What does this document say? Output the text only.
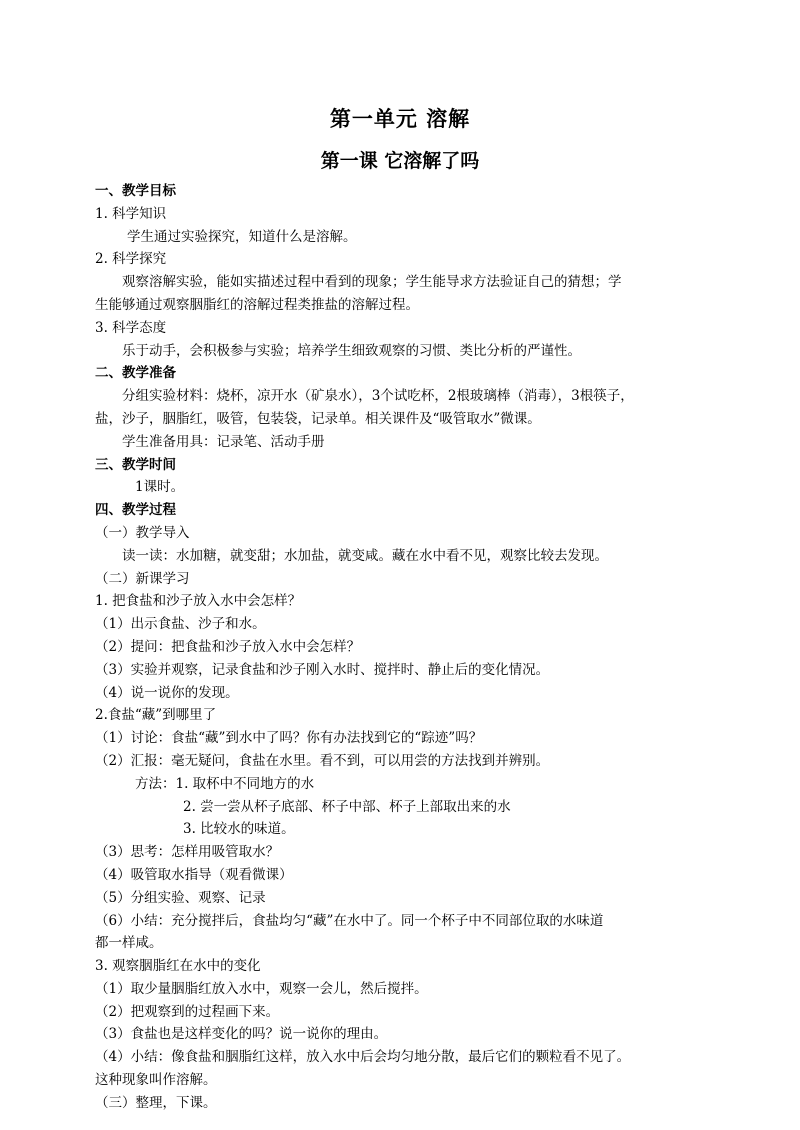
第一单元 溶解
第一课 它溶解了吗
一、教学目标
1. 科学知识
学生通过实验探究，知道什么是溶解。
2. 科学探究
观察溶解实验，能如实描述过程中看到的现象；学生能导求方法验证自己的猜想；学
生能够通过观察胭脂红的溶解过程类推盐的溶解过程。
3. 科学态度
乐于动手，会积极参与实验；培养学生细致观察的习惯、类比分析的严谨性。
二、教学准备
分组实验材料：烧杯，凉开水（矿泉水），3个试吃杯，2根玻璃棒（消毒），3根筷子，
盐，沙子，胭脂红，吸管，包装袋，记录单。相关课件及“吸管取水”微课。
学生准备用具：记录笔、活动手册
三、教学时间
1课时。
四、教学过程
（一）教学导入
读一读：水加糖，就变甜；水加盐，就变咸。藏在水中看不见，观察比较去发现。
（二）新课学习
1. 把食盐和沙子放入水中会怎样？
（1）出示食盐、沙子和水。
（2）提问：把食盐和沙子放入水中会怎样？
（3）实验并观察，记录食盐和沙子刚入水时、搅拌时、静止后的变化情况。
（4）说一说你的发现。
2.食盐“藏”到哪里了
（1）讨论：食盐“藏”到水中了吗？你有办法找到它的“踪迹”吗？
（2）汇报：毫无疑问，食盐在水里。看不到，可以用尝的方法找到并辨别。
方法：1. 取杯中不同地方的水
2. 尝一尝从杯子底部、杯子中部、杯子上部取出来的水
3. 比较水的味道。
（3）思考：怎样用吸管取水？
（4）吸管取水指导（观看微课）
（5）分组实验、观察、记录
（6）小结：充分搅拌后，食盐均匀“藏”在水中了。同一个杯子中不同部位取的水味道
都一样咸。
3. 观察胭脂红在水中的变化
（1）取少量胭脂红放入水中，观察一会儿，然后搅拌。
（2）把观察到的过程画下来。
（3）食盐也是这样变化的吗？说一说你的理由。
（4）小结：像食盐和胭脂红这样，放入水中后会均匀地分散，最后它们的颗粒看不见了。
这种现象叫作溶解。
（三）整理，下课。
